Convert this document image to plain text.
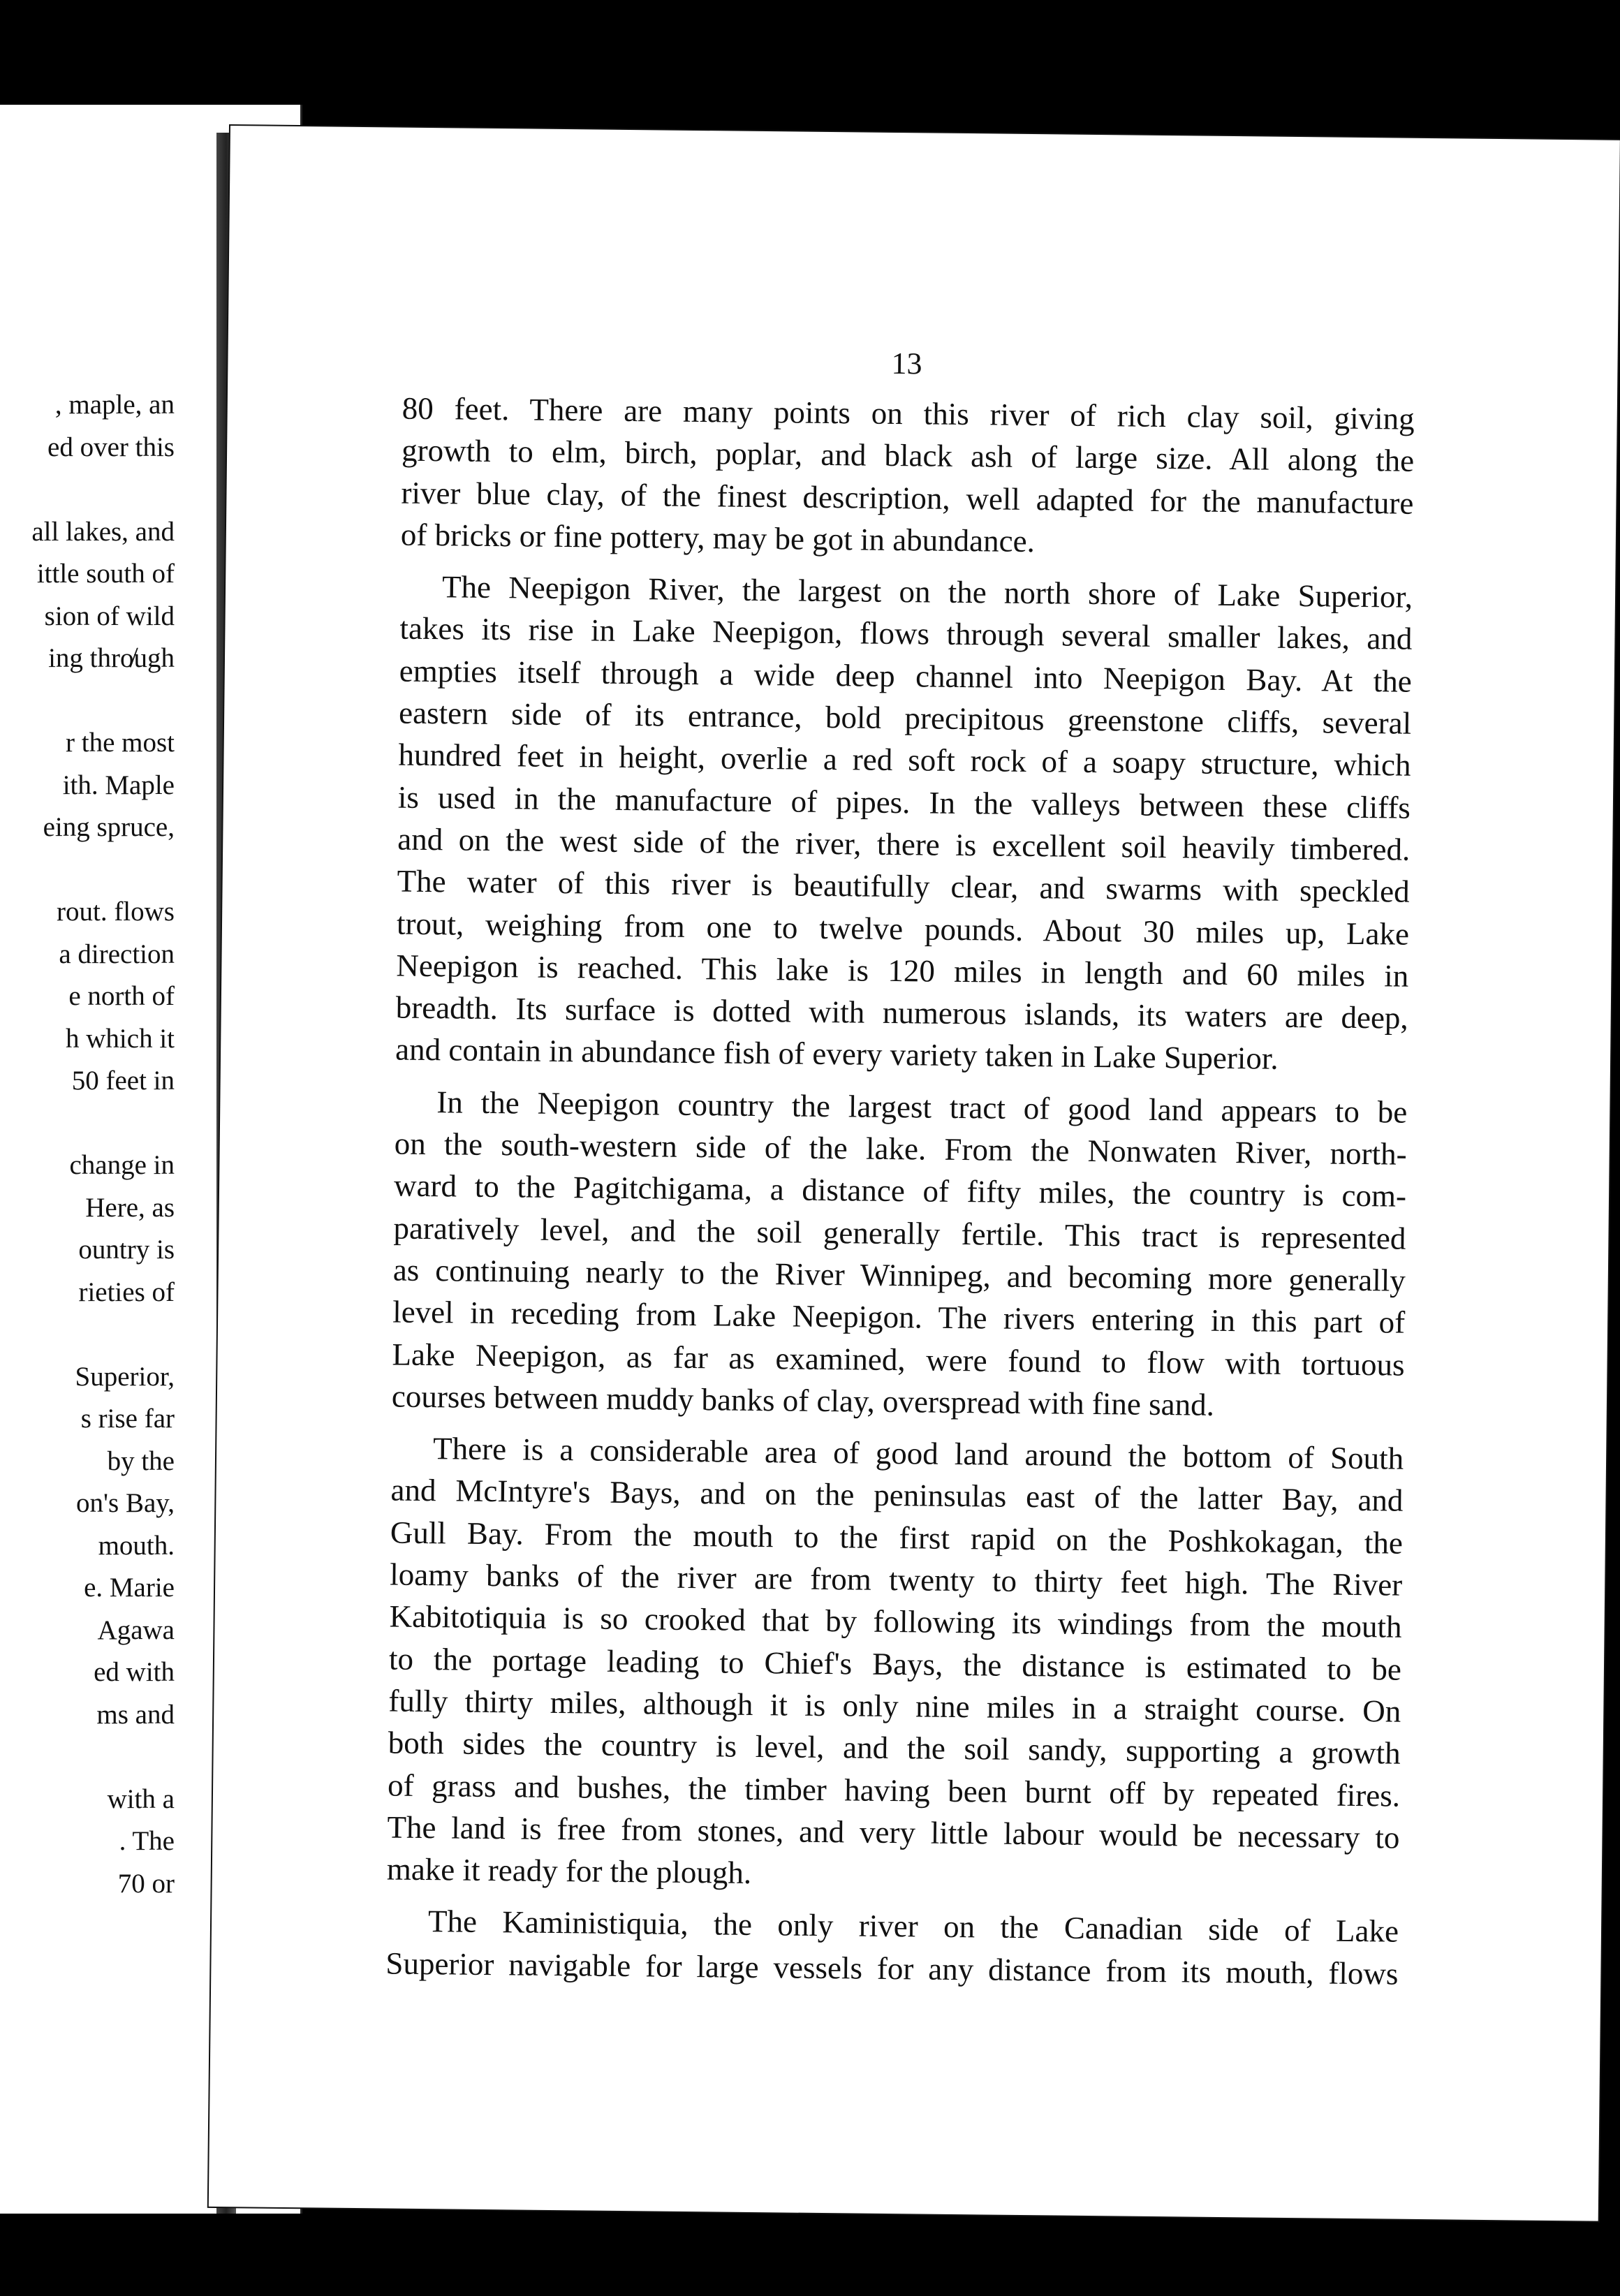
, maple, an
ed over this
all lakes, and
ittle south of
sion of wild
ing thro̸ugh
r the most
ith. Maple
eing spruce,
rout. flows
a direction
e north of
h which it
50 feet in
change in
Here, as
ountry is
rieties of
Superior,
s rise far
by the
on's Bay,
mouth.
e. Marie
Agawa
ed with
ms and
with a
. The
70 or
13
80 feet. There are many points on this river of rich clay soil, giving
growth to elm, birch, poplar, and black ash of large size. All along the
river blue clay, of the finest description, well adapted for the manufacture
of bricks or fine pottery, may be got in abundance.
The Neepigon River, the largest on the north shore of Lake Superior,
takes its rise in Lake Neepigon, flows through several smaller lakes, and
empties itself through a wide deep channel into Neepigon Bay. At the
eastern side of its entrance, bold precipitous greenstone cliffs, several
hundred feet in height, overlie a red soft rock of a soapy structure, which
is used in the manufacture of pipes. In the valleys between these cliffs
and on the west side of the river, there is excellent soil heavily timbered.
The water of this river is beautifully clear, and swarms with speckled
trout, weighing from one to twelve pounds. About 30 miles up, Lake
Neepigon is reached. This lake is 120 miles in length and 60 miles in
breadth. Its surface is dotted with numerous islands, its waters are deep,
and contain in abundance fish of every variety taken in Lake Superior.
In the Neepigon country the largest tract of good land appears to be
on the south-western side of the lake. From the Nonwaten River, north-
ward to the Pagitchigama, a distance of fifty miles, the country is com-
paratively level, and the soil generally fertile. This tract is represented
as continuing nearly to the River Winnipeg, and becoming more generally
level in receding from Lake Neepigon. The rivers entering in this part of
Lake Neepigon, as far as examined, were found to flow with tortuous
courses between muddy banks of clay, overspread with fine sand.
There is a considerable area of good land around the bottom of South
and McIntyre's Bays, and on the peninsulas east of the latter Bay, and
Gull Bay. From the mouth to the first rapid on the Poshkokagan, the
loamy banks of the river are from twenty to thirty feet high. The River
Kabitotiquia is so crooked that by following its windings from the mouth
to the portage leading to Chief's Bays, the distance is estimated to be
fully thirty miles, although it is only nine miles in a straight course. On
both sides the country is level, and the soil sandy, supporting a growth
of grass and bushes, the timber having been burnt off by repeated fires.
The land is free from stones, and very little labour would be necessary to
make it ready for the plough.
The Kaministiquia, the only river on the Canadian side of Lake
Superior navigable for large vessels for any distance from its mouth, flows
